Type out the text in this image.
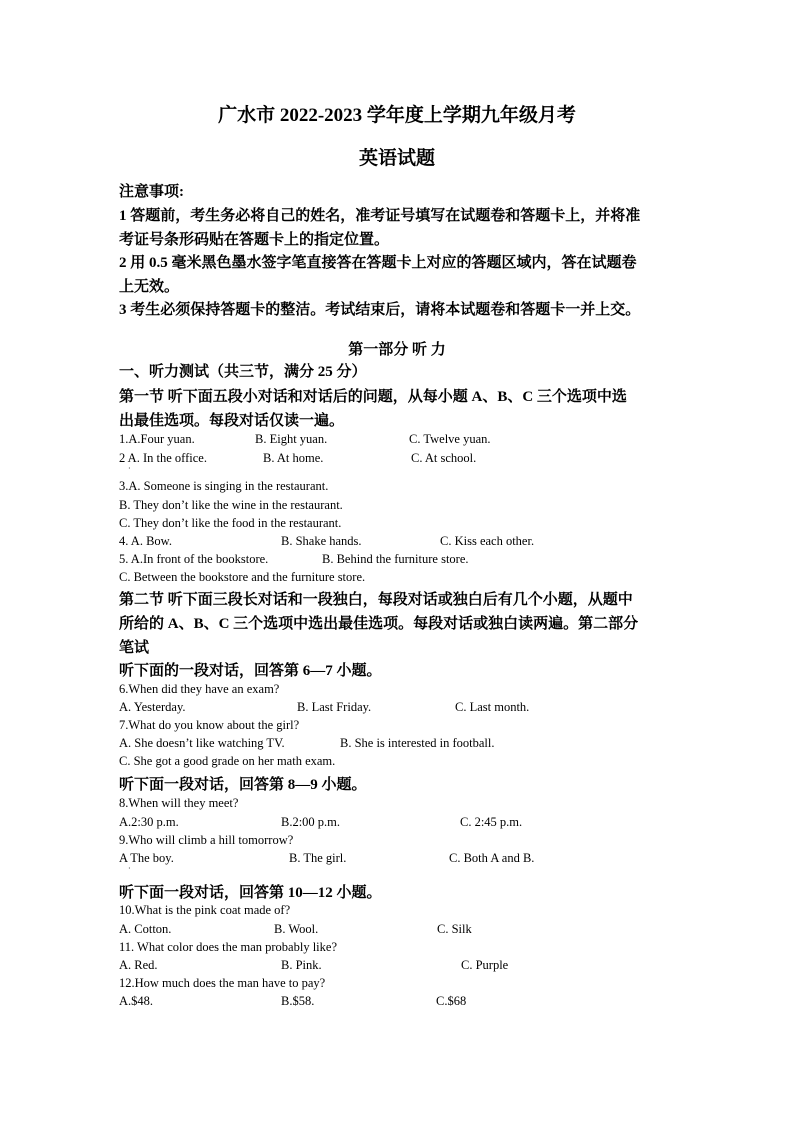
广水市 2022-2023 学年度上学期九年级月考
英语试题
注意事项:
1 答题前，考生务必将自己的姓名，准考证号填写在试题卷和答题卡上，并将准
考证号条形码贴在答题卡上的指定位置。
2 用 0.5 毫米黑色墨水签字笔直接答在答题卡上对应的答题区域内，答在试题卷
上无效。
3 考生必须保持答题卡的整洁。考试结束后，请将本试题卷和答题卡一并上交。
第一部分 听 力
一、听力测试（共三节，满分 25 分）
第一节 听下面五段小对话和对话后的问题，从每小题 A、B、C 三个选项中选
出最佳选项。每段对话仅读一遍。
1.A.Four yuan.	B. Eight yuan.	C. Twelve yuan.
2 A. In the office.	B. At home.	C. At school.
·
3.A. Someone is singing in the restaurant.
B. They don’t like the wine in the restaurant.
C. They don’t like the food in the restaurant.
4. A. Bow.	B. Shake hands.	C. Kiss each other.
5. A.In front of the bookstore.	B. Behind the furniture store.
C. Between the bookstore and the furniture store.
第二节 听下面三段长对话和一段独白，每段对话或独白后有几个小题，从题中
所给的 A、B、C 三个选项中选出最佳选项。每段对话或独白读两遍。第二部分
笔试
听下面的一段对话，回答第 6—7 小题。
6.When did they have an exam?
A. Yesterday.	B. Last Friday.	C. Last month.
7.What do you know about the girl?
A. She doesn’t like watching TV.	B. She is interested in football.
C. She got a good grade on her math exam.
听下面一段对话，回答第 8—9 小题。
8.When will they meet?
A.2:30 p.m.	B.2:00 p.m.	C. 2:45 p.m.
9.Who will climb a hill tomorrow?
A The boy.	B. The girl.	C. Both A and B.
·
听下面一段对话，回答第 10—12 小题。
10.What is the pink coat made of?
A. Cotton.	B. Wool.	C. Silk
11. What color does the man probably like?
A. Red.	B. Pink.	C. Purple
12.How much does the man have to pay?
A.$48.	B.$58.	C.$68
